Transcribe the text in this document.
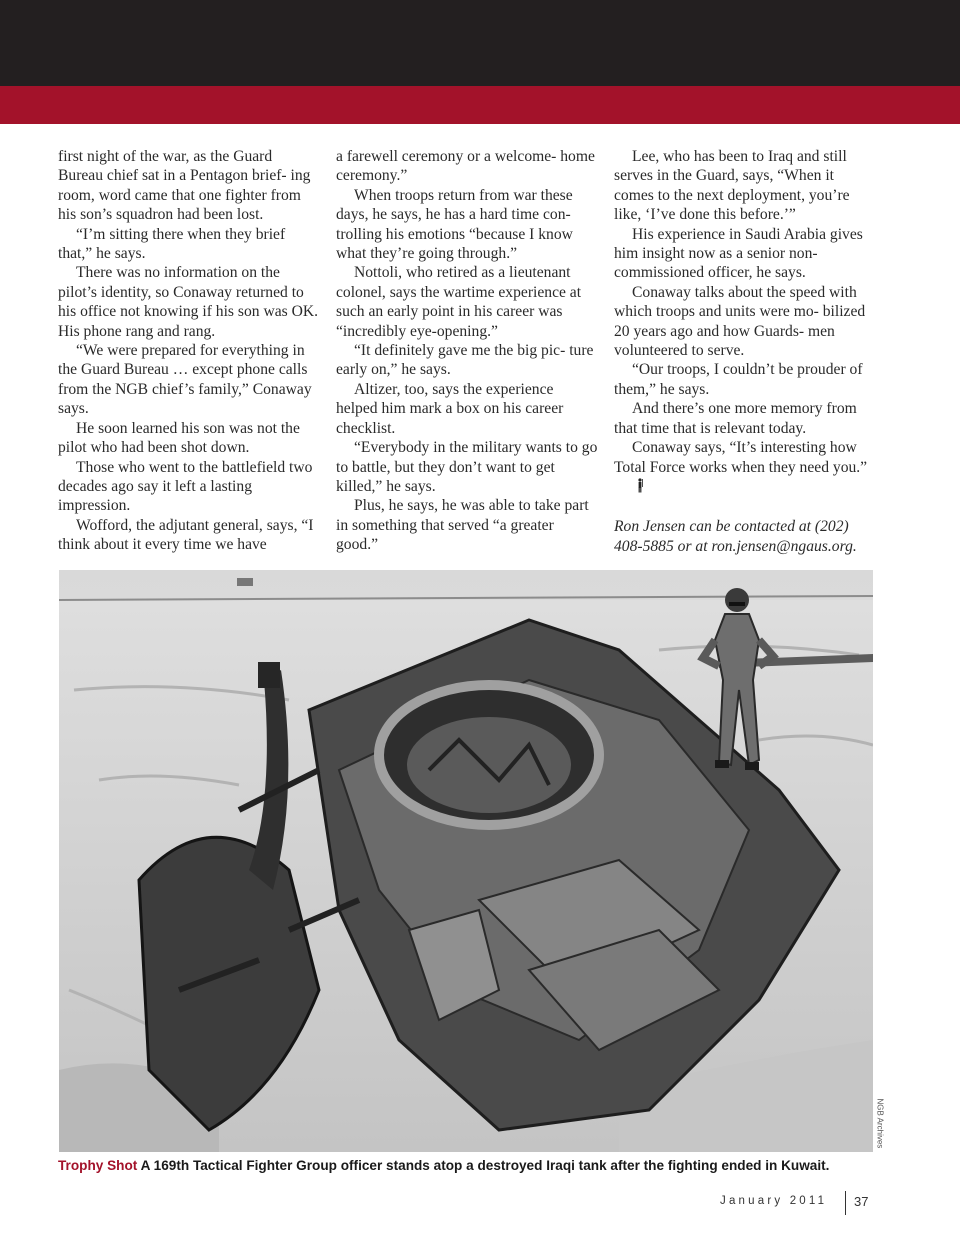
first night of the war, as the Guard Bureau chief sat in a Pentagon brief- ing room, word came that one fighter from his son’s squadron had been lost.

“I’m sitting there when they brief that,” he says.

There was no information on the pilot’s identity, so Conaway returned to his office not knowing if his son was OK. His phone rang and rang.

“We were prepared for everything in the Guard Bureau … except phone calls from the NGB chief’s family,” Conaway says.

He soon learned his son was not the pilot who had been shot down.

Those who went to the battlefield two decades ago say it left a lasting impression.

Wofford, the adjutant general, says, “I think about it every time we have

a farewell ceremony or a welcome- home ceremony.”

When troops return from war these days, he says, he has a hard time con- trolling his emotions “because I know what they’re going through.”

Nottoli, who retired as a lieutenant colonel, says the wartime experience at such an early point in his career was “incredibly eye-opening.”

“It definitely gave me the big pic- ture early on,” he says.

Altizer, too, says the experience helped him mark a box on his career checklist.

“Everybody in the military wants to go to battle, but they don’t want to get killed,” he says.

Plus, he says, he was able to take part in something that served “a greater good.”

Lee, who has been to Iraq and still serves in the Guard, says, “When it comes to the next deployment, you’re like, ‘I’ve done this before.’”

His experience in Saudi Arabia gives him insight now as a senior non- commissioned officer, he says.

Conaway talks about the speed with which troops and units were mo- bilized 20 years ago and how Guards- men volunteered to serve.

“Our troops, I couldn’t be prouder of them,” he says.

And there’s one more memory from that time that is relevant today.

Conaway says, “It’s interesting how Total Force works when they need you.”

Ron Jensen can be contacted at (202) 408-5885 or at ron.jensen@ngaus.org.

NGB Archives
Trophy Shot A 169th Tactical Fighter Group officer stands atop a destroyed Iraqi tank after the fighting ended in Kuwait.
January 2011 37
